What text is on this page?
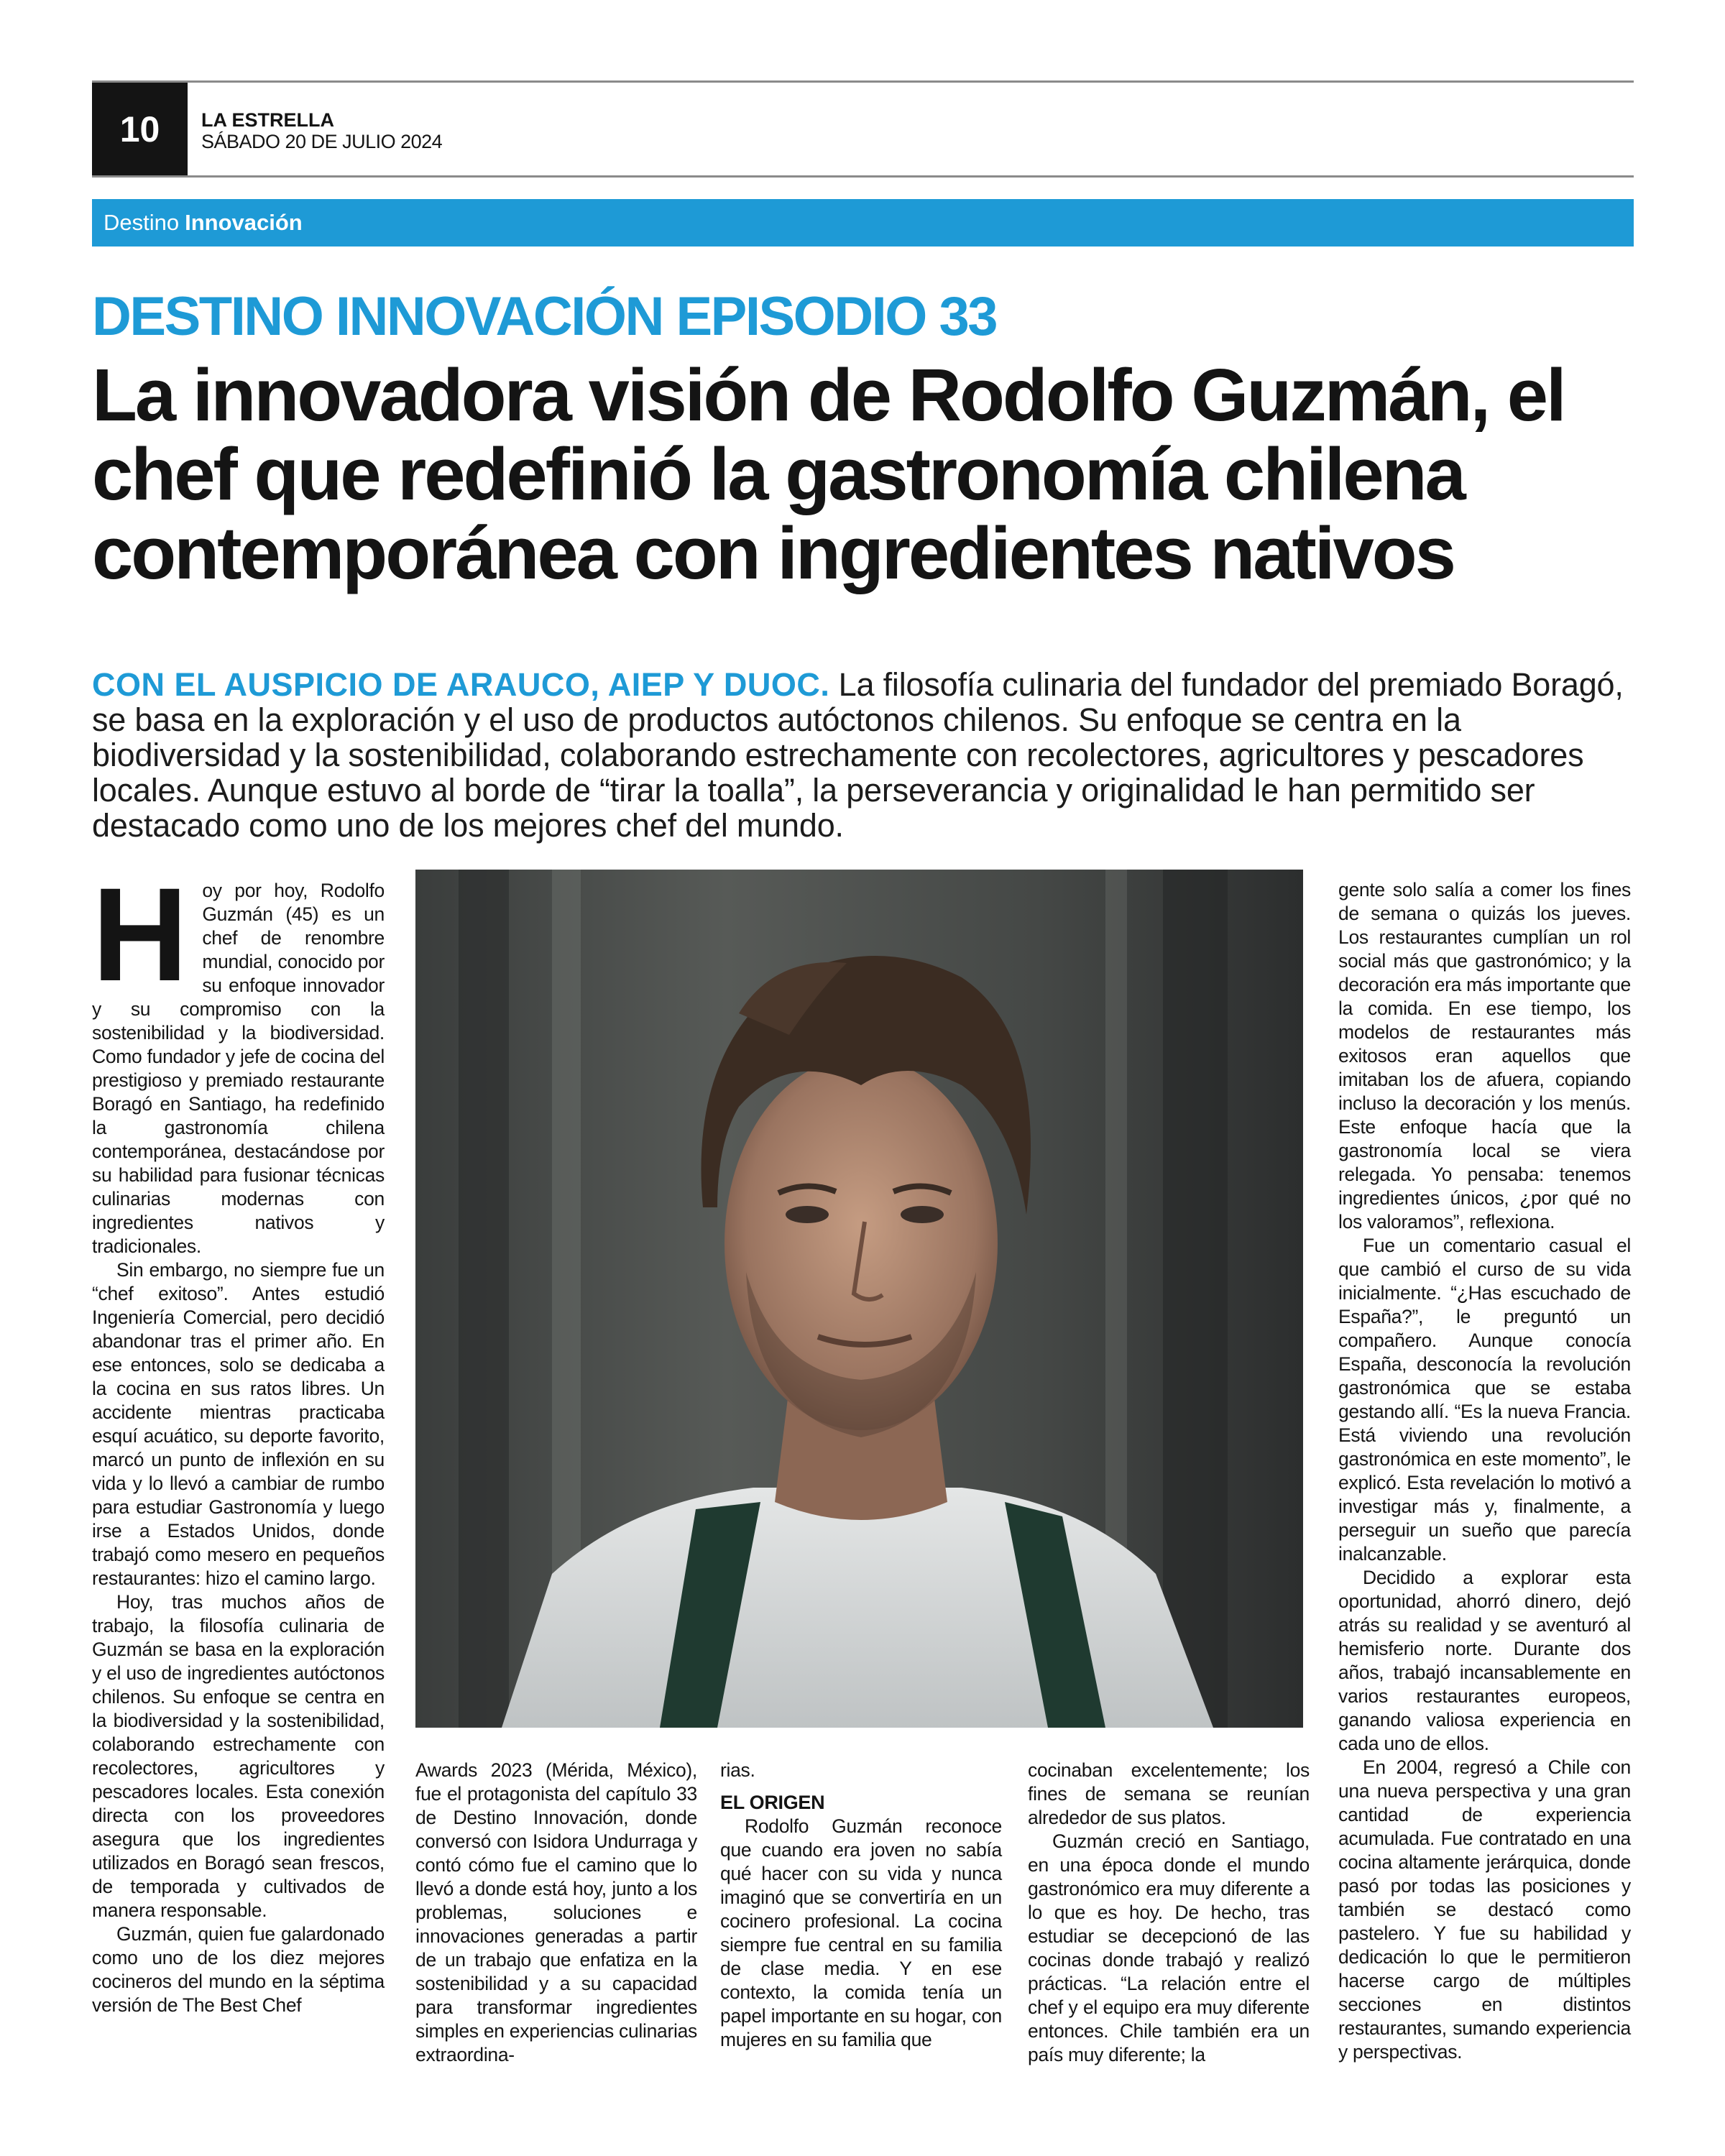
10	LA ESTRELLA
SÁBADO 20 DE JULIO 2024
Destino Innovación
DESTINO INNOVACIÓN EPISODIO 33
La innovadora visión de Rodolfo Guzmán, el chef que redefinió la gastronomía chilena contemporánea con ingredientes nativos
CON EL AUSPICIO DE ARAUCO, AIEP Y DUOC. La filosofía culinaria del fundador del premiado Boragó, se basa en la exploración y el uso de productos autóctonos chilenos. Su enfoque se centra en la biodiversidad y la sostenibilidad, colaborando estrechamente con recolectores, agricultores y pescadores locales. Aunque estuvo al borde de “tirar la toalla”, la perseverancia y originalidad le han permitido ser destacado como uno de los mejores chef del mundo.
H oy por hoy, Rodolfo Guzmán (45) es un chef de renombre mundial, conocido por su enfoque innovador y su compromiso con la sostenibilidad y la biodiversidad. Como fundador y jefe de cocina del prestigioso y premiado restaurante Boragó en Santiago, ha redefinido la gastronomía chilena contemporánea, destacándose por su habilidad para fusionar técnicas culinarias modernas con ingredientes nativos y tradicionales.

Sin embargo, no siempre fue un “chef exitoso”. Antes estudió Ingeniería Comercial, pero decidió abandonar tras el primer año. En ese entonces, solo se dedicaba a la cocina en sus ratos libres. Un accidente mientras practicaba esquí acuático, su deporte favorito, marcó un punto de inflexión en su vida y lo llevó a cambiar de rumbo para estudiar Gastronomía y luego irse a Estados Unidos, donde trabajó como mesero en pequeños restaurantes: hizo el camino largo.

Hoy, tras muchos años de trabajo, la filosofía culinaria de Guzmán se basa en la exploración y el uso de ingredientes autóctonos chilenos. Su enfoque se centra en la biodiversidad y la sostenibilidad, colaborando estrechamente con recolectores, agricultores y pescadores locales. Esta conexión directa con los proveedores asegura que los ingredientes utilizados en Boragó sean frescos, de temporada y cultivados de manera responsable.

Guzmán, quien fue galardonado como uno de los diez mejores cocineros del mundo en la séptima versión de The Best Chef

Awards 2023 (Mérida, México), fue el protagonista del capítulo 33 de Destino Innovación, donde conversó con Isidora Undurraga y contó cómo fue el camino que lo llevó a donde está hoy, junto a los problemas, soluciones e innovaciones generadas a partir de un trabajo que enfatiza en la sostenibilidad y a su capacidad para transformar ingredientes simples en experiencias culinarias extraordina-

rias.

EL ORIGEN

Rodolfo Guzmán reconoce que cuando era joven no sabía qué hacer con su vida y nunca imaginó que se convertiría en un cocinero profesional. La cocina siempre fue central en su familia de clase media. Y en ese contexto, la comida tenía un papel importante en su hogar, con mujeres en su familia que

cocinaban excelentemente; los fines de semana se reunían alrededor de sus platos.

Guzmán creció en Santiago, en una época donde el mundo gastronómico era muy diferente a lo que es hoy. De hecho, tras estudiar se decepcionó de las cocinas donde trabajó y realizó prácticas. “La relación entre el chef y el equipo era muy diferente entonces. Chile también era un país muy diferente; la

gente solo salía a comer los fines de semana o quizás los jueves. Los restaurantes cumplían un rol social más que gastronómico; y la decoración era más importante que la comida. En ese tiempo, los modelos de restaurantes más exitosos eran aquellos que imitaban los de afuera, copiando incluso la decoración y los menús. Este enfoque hacía que la gastronomía local se viera relegada. Yo pensaba: tenemos ingredientes únicos, ¿por qué no los valoramos”, reflexiona.

Fue un comentario casual el que cambió el curso de su vida inicialmente. “¿Has escuchado de España?”, le preguntó un compañero. Aunque conocía España, desconocía la revolución gastronómica que se estaba gestando allí. “Es la nueva Francia. Está viviendo una revolución gastronómica en este momento”, le explicó. Esta revelación lo motivó a investigar más y, finalmente, a perseguir un sueño que parecía inalcanzable.

Decidido a explorar esta oportunidad, ahorró dinero, dejó atrás su realidad y se aventuró al hemisferio norte. Durante dos años, trabajó incansablemente en varios restaurantes europeos, ganando valiosa experiencia en cada uno de ellos.

En 2004, regresó a Chile con una nueva perspectiva y una gran cantidad de experiencia acumulada. Fue contratado en una cocina altamente jerárquica, donde pasó por todas las posiciones y también se destacó como pastelero. Y fue su habilidad y dedicación lo que le permitieron hacerse cargo de múltiples secciones en distintos restaurantes, sumando experiencia y perspectivas.
